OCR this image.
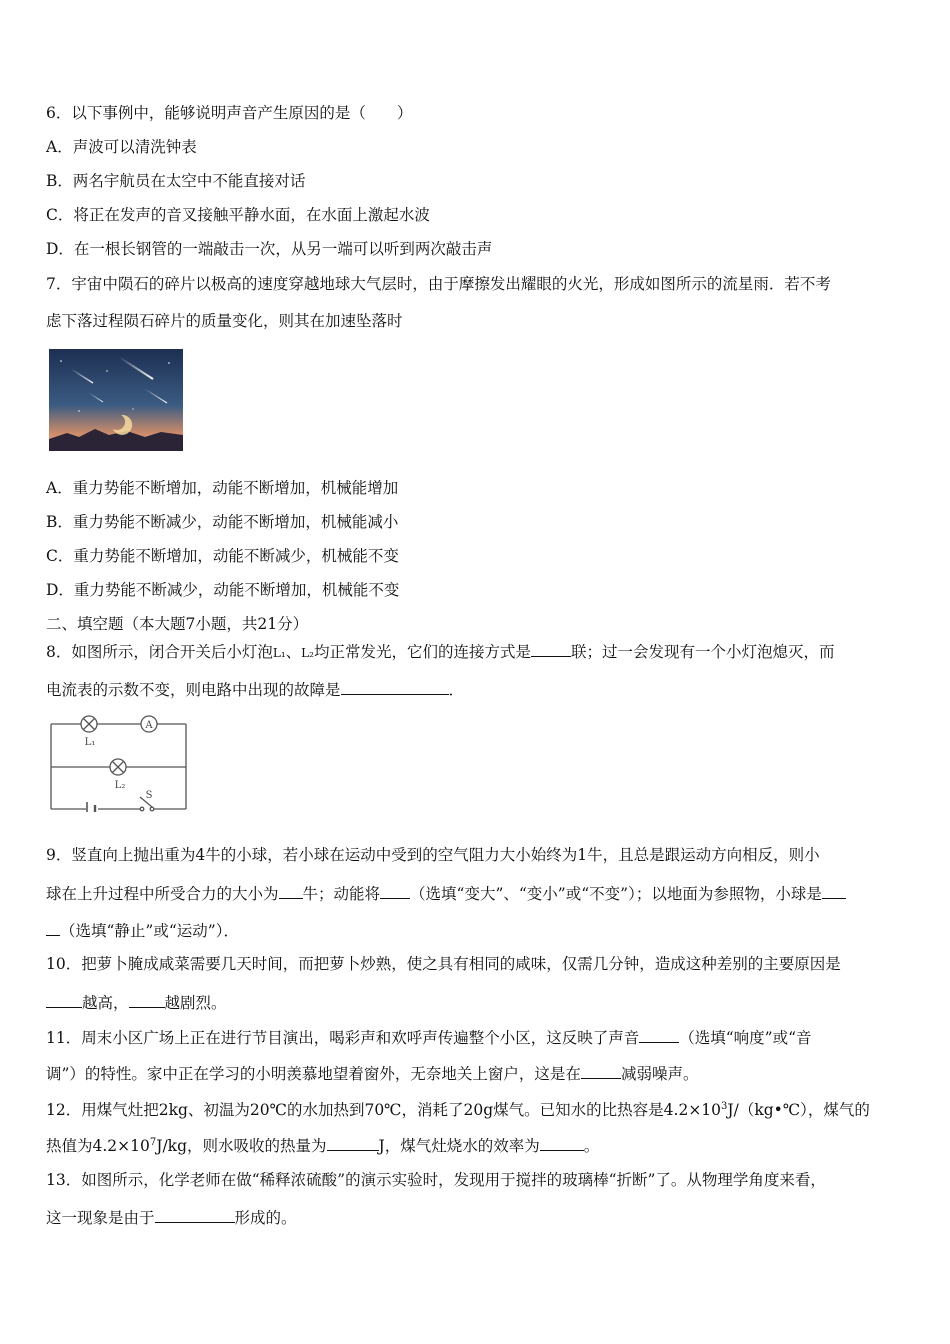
6．以下事例中，能够说明声音产生原因的是（　　）
A．声波可以清洗钟表
B．两名宇航员在太空中不能直接对话
C．将正在发声的音叉接触平静水面，在水面上激起水波
D．在一根长钢管的一端敲击一次，从另一端可以听到两次敲击声
7．宇宙中陨石的碎片以极高的速度穿越地球大气层时，由于摩擦发出耀眼的火光，形成如图所示的流星雨．若不考
虑下落过程陨石碎片的质量变化，则其在加速坠落时
A．重力势能不断增加，动能不断增加，机械能增加
B．重力势能不断减少，动能不断增加，机械能减小
C．重力势能不断增加，动能不断减少，机械能不变
D．重力势能不断减少，动能不断增加，机械能不变
二、填空题（本大题7小题，共21分）
8．如图所示，闭合开关后小灯泡L₁、L₂均正常发光，它们的连接方式是	联；过一会发现有一个小灯泡熄灭，而
电流表的示数不变，则电路中出现的故障是	．
A
L₁
L₂
S
9．竖直向上抛出重为4牛的小球，若小球在运动中受到的空气阻力大小始终为1牛，且总是跟运动方向相反，则小
球在上升过程中所受合力的大小为 牛；动能将 （选填“变大”、“变小”或“不变”）；以地面为参照物，小球是
（选填“静止”或“运动”）．
10．把萝卜腌成咸菜需要几天时间，而把萝卜炒熟，使之具有相同的咸味，仅需几分钟，造成这种差别的主要原因是
越高， 越剧烈。
11．周末小区广场上正在进行节目演出，喝彩声和欢呼声传遍整个小区，这反映了声音	（选填“响度”或“音
调”）的特性。家中正在学习的小明羡慕地望着窗外，无奈地关上窗户，这是在	减弱噪声。
12．用煤气灶把2kg、初温为20℃的水加热到70℃，消耗了20g煤气。已知水的比热容是$4.2\times 10^3J/(kg•℃)$，煤气的
热值为$4.2\times 10^7J/kg$，则水吸收的热量为	J，煤气灶烧水的效率为	。
13．如图所示，化学老师在做“稀释浓硫酸”的演示实验时，发现用于搅拌的玻璃棒“折断”了。从物理学角度来看，
这一现象是由于	形成的。
